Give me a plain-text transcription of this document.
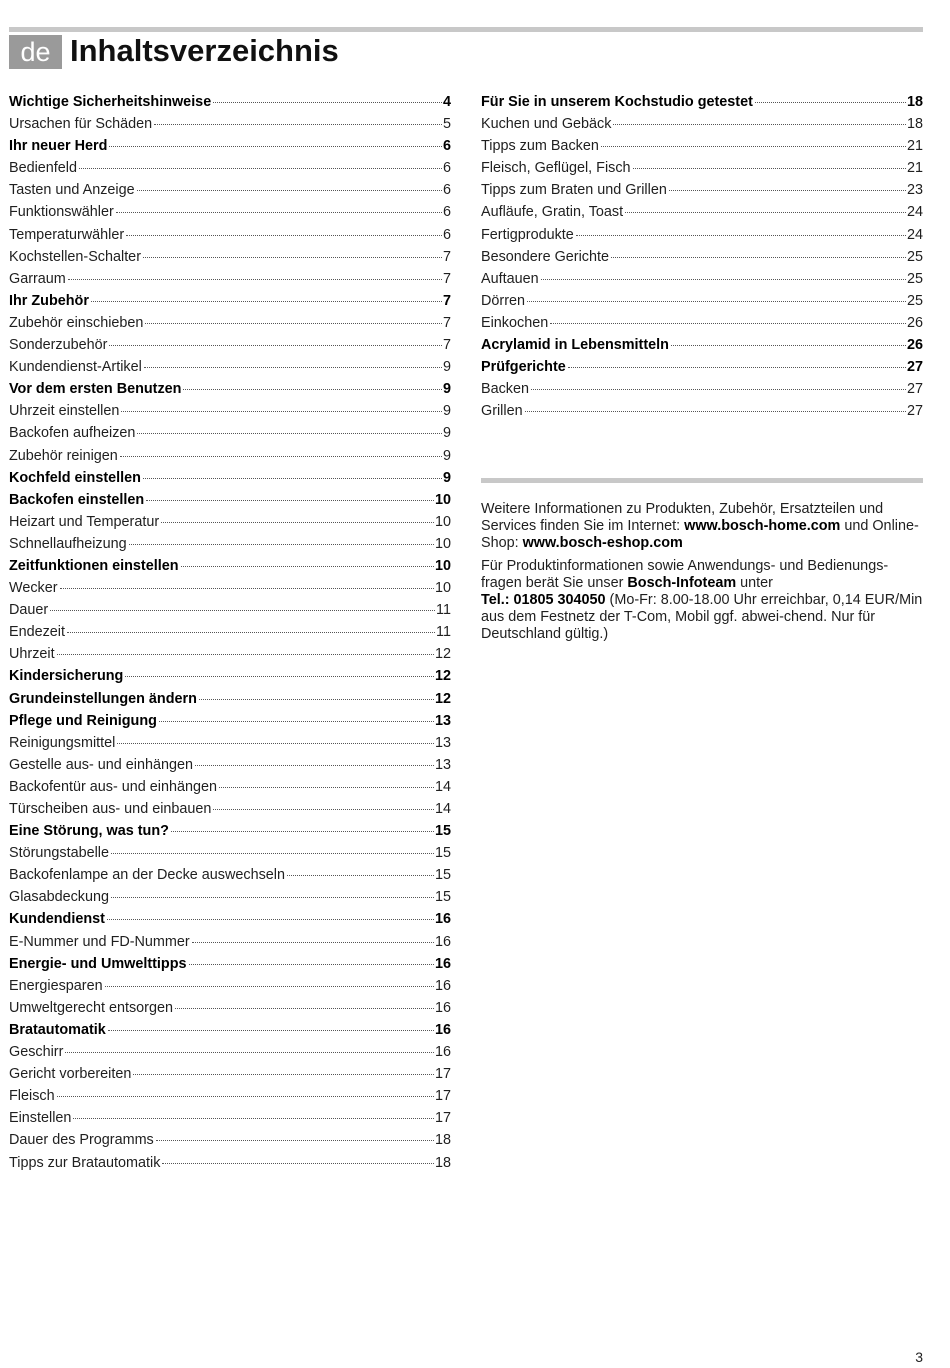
de Inhaltsverzeichnis
Wichtige Sicherheitshinweise	4
Ursachen für Schäden	5
Ihr neuer Herd	6
Bedienfeld	6
Tasten und Anzeige	6
Funktionswähler	6
Temperaturwähler	6
Kochstellen-Schalter	7
Garraum	7
Ihr Zubehör	7
Zubehör einschieben	7
Sonderzubehör	7
Kundendienst-Artikel	9
Vor dem ersten Benutzen	9
Uhrzeit einstellen	9
Backofen aufheizen	9
Zubehör reinigen	9
Kochfeld einstellen	9
Backofen einstellen	10
Heizart und Temperatur	10
Schnellaufheizung	10
Zeitfunktionen einstellen	10
Wecker	10
Dauer	11
Endezeit	11
Uhrzeit	12
Kindersicherung	12
Grundeinstellungen ändern	12
Pflege und Reinigung	13
Reinigungsmittel	13
Gestelle aus- und einhängen	13
Backofentür aus- und einhängen	14
Türscheiben aus- und einbauen	14
Eine Störung, was tun?	15
Störungstabelle	15
Backofenlampe an der Decke auswechseln	15
Glasabdeckung	15
Kundendienst	16
E-Nummer und FD-Nummer	16
Energie- und Umwelttipps	16
Energiesparen	16
Umweltgerecht entsorgen	16
Bratautomatik	16
Geschirr	16
Gericht vorbereiten	17
Fleisch	17
Einstellen	17
Dauer des Programms	18
Tipps zur Bratautomatik	18
Für Sie in unserem Kochstudio getestet	18
Kuchen und Gebäck	18
Tipps zum Backen	21
Fleisch, Geflügel, Fisch	21
Tipps zum Braten und Grillen	23
Aufläufe, Gratin, Toast	24
Fertigprodukte	24
Besondere Gerichte	25
Auftauen	25
Dörren	25
Einkochen	26
Acrylamid in Lebensmitteln	26
Prüfgerichte	27
Backen	27
Grillen	27

Weitere Informationen zu Produkten, Zubehör, Ersatzteilen und Services finden Sie im Internet: www.bosch-home.com und Online-Shop: www.bosch-eshop.com

Für Produktinformationen sowie Anwendungs- und Bedienungs-fragen berät Sie unser Bosch-Infoteam unter
Tel.: 01805 304050 (Mo-Fr: 8.00-18.00 Uhr erreichbar, 0,14 EUR/Min aus dem Festnetz der T-Com, Mobil ggf. abwei-chend. Nur für Deutschland gültig.)

3
